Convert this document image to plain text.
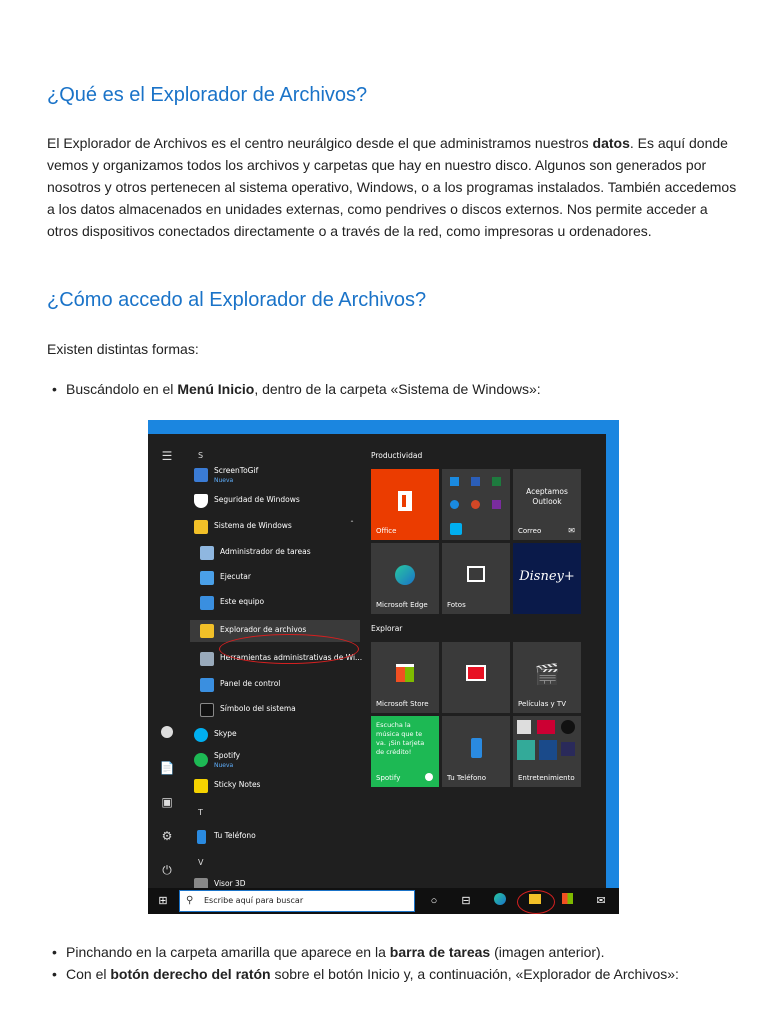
¿Qué es el Explorador de Archivos?

El Explorador de Archivos es el centro neurálgico desde el que administramos nuestros datos. Es aquí donde vemos y organizamos todos los archivos y carpetas que hay en nuestro disco. Algunos son generados por nosotros y otros pertenecen al sistema operativo, Windows, o a los programas instalados. También accedemos a los datos almacenados en unidades externas, como pendrives o discos externos. Nos permite acceder a otros dispositivos conectados directamente o a través de la red, como impresoras u ordenadores.

¿Cómo accedo al Explorador de Archivos?

Existen distintas formas:

• Buscándolo en el Menú Inicio, dentro de la carpeta «Sistema de Windows»:
☰
📄
▣
⚙
⏻
S
ScreenToGif
Nueva
Seguridad de Windows
Sistema de Windows	ˆ
Administrador de tareas
Ejecutar
Este equipo
Explorador de archivos
Herramientas administrativas de Wi...
Panel de control
Símbolo del sistema
Skype
Spotify
Nueva
Sticky Notes
T
Tu Teléfono
V
Visor 3D
Productividad
Office
Aceptamos
Outlook
Correo	✉
Microsoft Edge	Fotos
Disney+
Explorar
Microsoft Store
🎬
Películas y TV
Escucha la música que te va. ¡Sin tarjeta de crédito!
Spotify	Tu Teléfono	Entretenimiento
⊞	⚲ Escribe aquí para buscar	○	⊟	✉
• Pinchando en la carpeta amarilla que aparece en la barra de tareas (imagen anterior).
• Con el botón derecho del ratón sobre el botón Inicio y, a continuación, «Explorador de Archivos»:
